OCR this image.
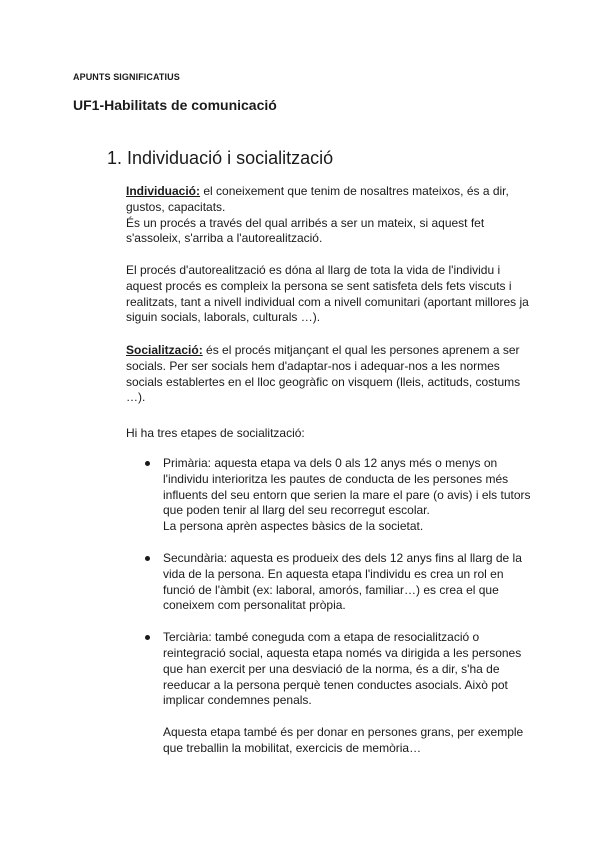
APUNTS SIGNIFICATIUS
UF1-Habilitats de comunicació
1. Individuació i socialització
Individuació: el coneixement que tenim de nosaltres mateixos, és a dir, gustos, capacitats.
És un procés a través del qual arribés a ser un mateix, si aquest fet s'assoleix, s'arriba a l'autorealització.
El procés d'autorealització es dóna al llarg de tota la vida de l'individu i aquest procés es compleix la persona se sent satisfeta dels fets viscuts i realitzats, tant a nivell individual com a nivell comunitari (aportant millores ja siguin socials, laborals, culturals …).
Socialització: és el procés mitjançant el qual les persones aprenem a ser socials. Per ser socials hem d'adaptar-nos i adequar-nos a les normes socials establertes en el lloc geogràfic on visquem (lleis, actituds, costums …).
Hi ha tres etapes de socialització:

Primària: aquesta etapa va dels 0 als 12 anys més o menys on l'individu interioritza les pautes de conducta de les persones més influents del seu entorn que serien la mare el pare (o avis) i els tutors que poden tenir al llarg del seu recorregut escolar.

La persona aprèn aspectes bàsics de la societat.

Secundària: aquesta es produeix des dels 12 anys fins al llarg de la vida de la persona. En aquesta etapa l'individu es crea un rol en funció de l'àmbit (ex: laboral, amorós, familiar…) es crea el que coneixem com personalitat pròpia.

Terciària: també coneguda com a etapa de resocialització o reintegració social, aquesta etapa només va dirigida a les persones que han exercit per una desviació de la norma, és a dir, s'ha de reeducar a la persona perquè tenen conductes asocials. Això pot implicar condemnes penals.

Aquesta etapa també és per donar en persones grans, per exemple que treballin la mobilitat, exercicis de memòria…
